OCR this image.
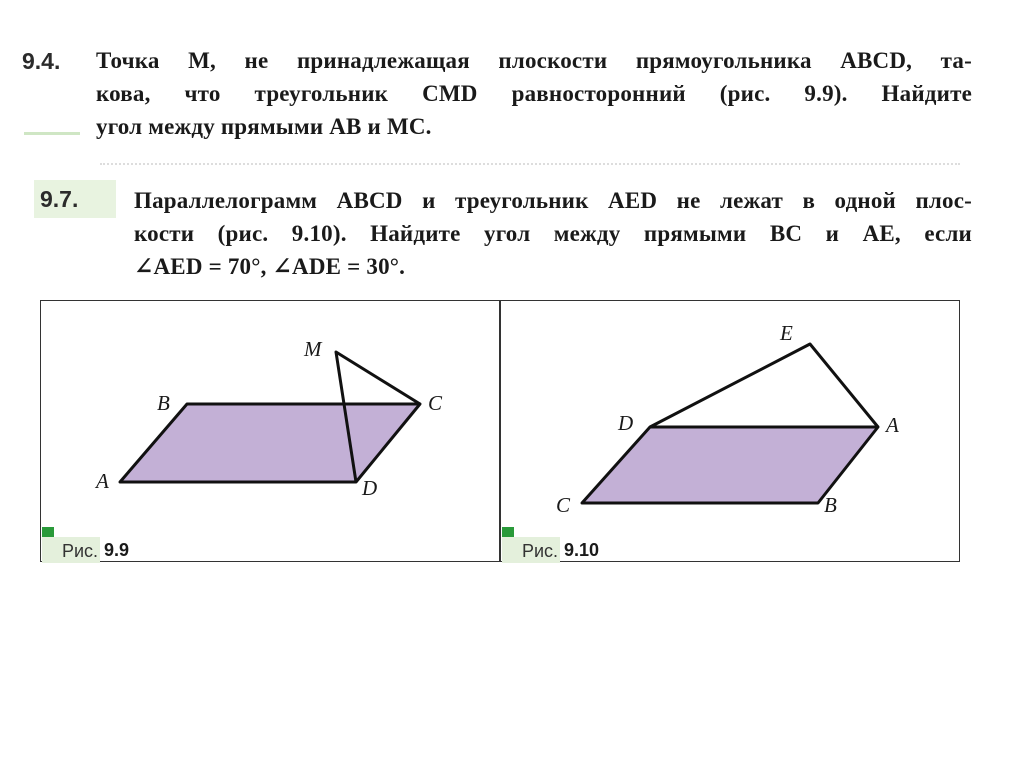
9.4. Точка M, не принадлежащая плоскости прямоугольника ABCD, та-
кова, что треугольник CMD равносторонний (рис. 9.9). Найдите
угол между прямыми AB и MC.
9.7. Параллелограмм ABCD и треугольник AED не лежат в одной плос-
кости (рис. 9.10). Найдите угол между прямыми BC и AE, если
∠AED = 70°, ∠ADE = 30°.
A
B	C
D
M
A
B
C
D
E
Рис. 9.9	Рис. 9.10
